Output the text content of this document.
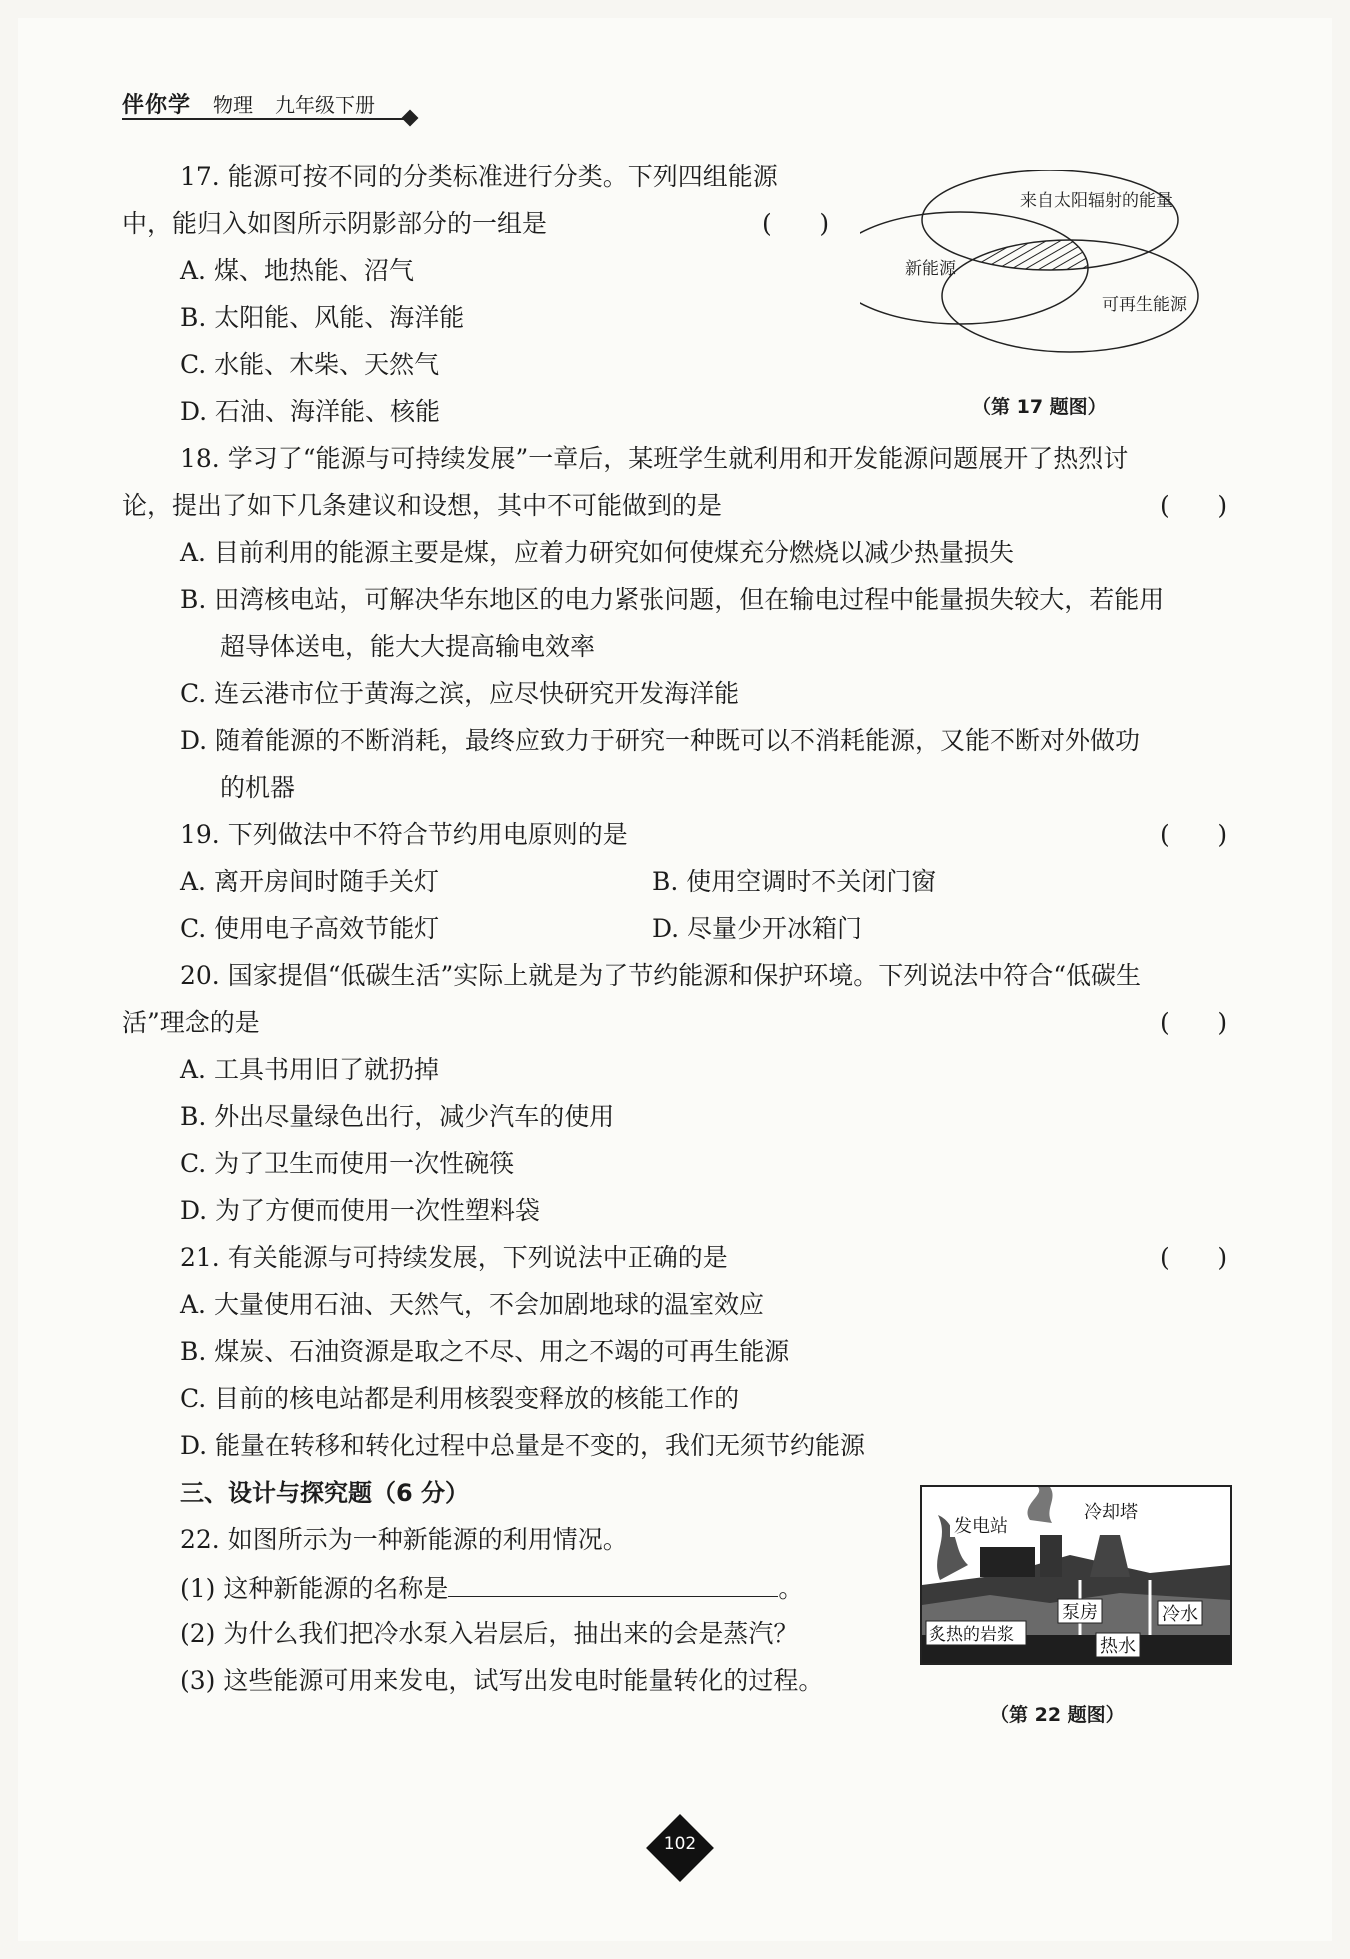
伴你学 物理 九年级下册
17. 能源可按不同的分类标准进行分类。下列四组能源
中，能归入如图所示阴影部分的一组是	(      )
A. 煤、地热能、沼气
B. 太阳能、风能、海洋能
C. 水能、木柴、天然气
D. 石油、海洋能、核能
来自太阳辐射的能量
新能源
可再生能源
（第 17 题图）
18. 学习了“能源与可持续发展”一章后，某班学生就利用和开发能源问题展开了热烈讨
论，提出了如下几条建议和设想，其中不可能做到的是	(      )
A. 目前利用的能源主要是煤，应着力研究如何使煤充分燃烧以减少热量损失
B. 田湾核电站，可解决华东地区的电力紧张问题，但在输电过程中能量损失较大，若能用
超导体送电，能大大提高输电效率
C. 连云港市位于黄海之滨，应尽快研究开发海洋能
D. 随着能源的不断消耗，最终应致力于研究一种既可以不消耗能源，又能不断对外做功
的机器
19. 下列做法中不符合节约用电原则的是	(      )
A. 离开房间时随手关灯	B. 使用空调时不关闭门窗
C. 使用电子高效节能灯	D. 尽量少开冰箱门
20. 国家提倡“低碳生活”实际上就是为了节约能源和保护环境。下列说法中符合“低碳生
活”理念的是	(      )
A. 工具书用旧了就扔掉
B. 外出尽量绿色出行，减少汽车的使用
C. 为了卫生而使用一次性碗筷
D. 为了方便而使用一次性塑料袋
21. 有关能源与可持续发展，下列说法中正确的是	(      )
A. 大量使用石油、天然气，不会加剧地球的温室效应
B. 煤炭、石油资源是取之不尽、用之不竭的可再生能源
C. 目前的核电站都是利用核裂变释放的核能工作的
D. 能量在转移和转化过程中总量是不变的，我们无须节约能源
三、设计与探究题（6 分）
22. 如图所示为一种新能源的利用情况。
(1) 这种新能源的名称是	。
(2) 为什么我们把冷水泵入岩层后，抽出来的会是蒸汽？
(3) 这些能源可用来发电，试写出发电时能量转化的过程。
发电站
冷却塔
泵房	冷水
炙热的岩浆
热水
（第 22 题图）
102
